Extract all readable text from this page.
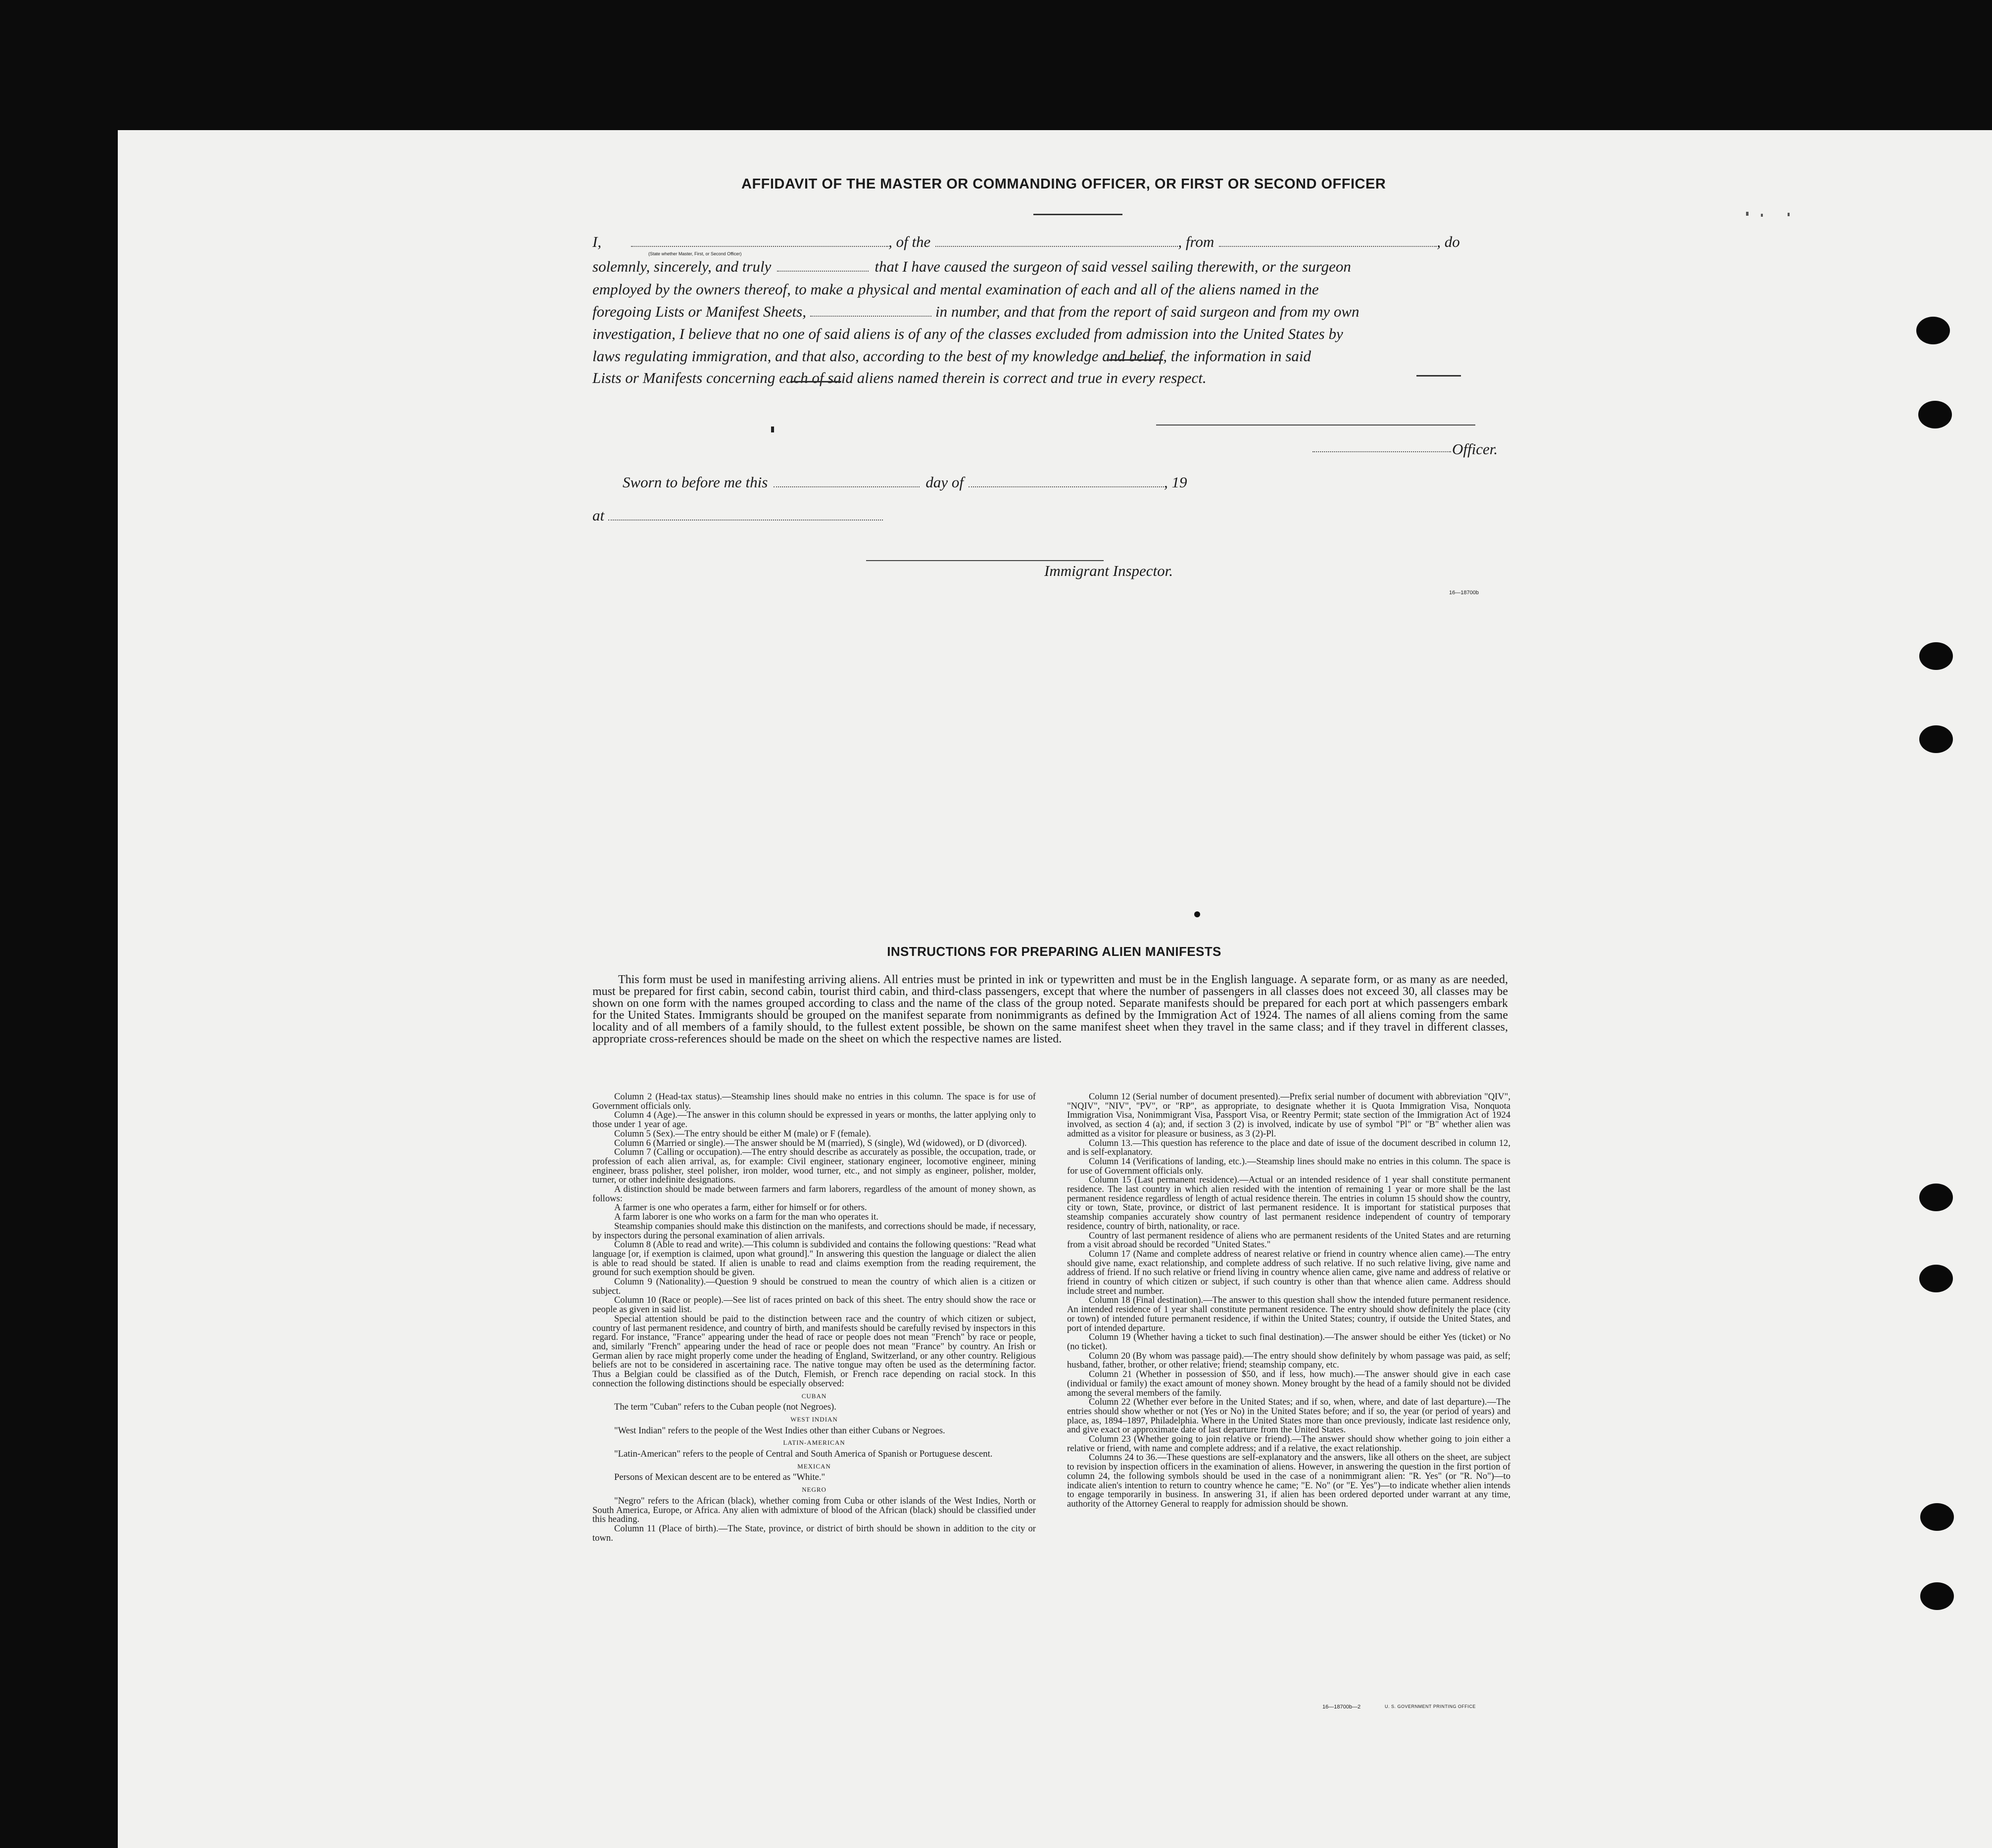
AFFIDAVIT OF THE MASTER OR COMMANDING OFFICER, OR FIRST OR SECOND OFFICER
I,	, of the	, from	, do
(State whether Master, First, or Second Officer)
solemnly, sincerely, and truly	that I have caused the surgeon of said vessel sailing therewith, or the surgeon
employed by the owners thereof, to make a physical and mental examination of each and all of the aliens named in the
foregoing Lists or Manifest Sheets,	in number, and that from the report of said surgeon and from my own
investigation, I believe that no one of said aliens is of any of the classes excluded from admission into the United States by
laws regulating immigration, and that also, according to the best of my knowledge and belief, the information in said
Lists or Manifests concerning each of said aliens named therein is correct and true in every respect.
Officer.
Sworn to before me this	day of	, 19
at
Immigrant Inspector.
16—18700b
INSTRUCTIONS FOR PREPARING ALIEN MANIFESTS

This form must be used in manifesting arriving aliens. All entries must be printed in ink or typewritten and must be in the English language. A separate form, or as many as are needed, must be prepared for first cabin, second cabin, tourist third cabin, and third-class passengers, except that where the number of passengers in all classes does not exceed 30, all classes may be shown on one form with the names grouped according to class and the name of the class of the group noted. Separate manifests should be prepared for each port at which passengers embark for the United States. Immigrants should be grouped on the manifest separate from nonimmigrants as defined by the Immigration Act of 1924. The names of all aliens coming from the same locality and of all members of a family should, to the fullest extent possible, be shown on the same manifest sheet when they travel in the same class; and if they travel in different classes, appropriate cross-references should be made on the sheet on which the respective names are listed.

Column 2 (Head-tax status).—Steamship lines should make no entries in this column. The space is for use of Government officials only.

Column 4 (Age).—The answer in this column should be expressed in years or months, the latter applying only to those under 1 year of age.

Column 5 (Sex).—The entry should be either M (male) or F (female).

Column 6 (Married or single).—The answer should be M (married), S (single), Wd (widowed), or D (divorced).

Column 7 (Calling or occupation).—The entry should describe as accurately as possible, the occupation, trade, or profession of each alien arrival, as, for example: Civil engineer, stationary engineer, locomotive engineer, mining engineer, brass polisher, steel polisher, iron molder, wood turner, etc., and not simply as engineer, polisher, molder, turner, or other indefinite designations.

A distinction should be made between farmers and farm laborers, regardless of the amount of money shown, as follows:

A farmer is one who operates a farm, either for himself or for others.

A farm laborer is one who works on a farm for the man who operates it.

Steamship companies should make this distinction on the manifests, and corrections should be made, if necessary, by inspectors during the personal examination of alien arrivals.

Column 8 (Able to read and write).—This column is subdivided and contains the following questions: "Read what language [or, if exemption is claimed, upon what ground]." In answering this question the language or dialect the alien is able to read should be stated. If alien is unable to read and claims exemption from the reading requirement, the ground for such exemption should be given.

Column 9 (Nationality).—Question 9 should be construed to mean the country of which alien is a citizen or subject.

Column 10 (Race or people).—See list of races printed on back of this sheet. The entry should show the race or people as given in said list.

Special attention should be paid to the distinction between race and the country of which citizen or subject, country of last permanent residence, and country of birth, and manifests should be carefully revised by inspectors in this regard. For instance, "France" appearing under the head of race or people does not mean "French" by race or people, and, similarly "French" appearing under the head of race or people does not mean "France" by country. An Irish or German alien by race might properly come under the heading of England, Switzerland, or any other country. Religious beliefs are not to be considered in ascertaining race. The native tongue may often be used as the determining factor. Thus a Belgian could be classified as of the Dutch, Flemish, or French race depending on racial stock. In this connection the following distinctions should be especially observed:

CUBAN

The term "Cuban" refers to the Cuban people (not Negroes).

WEST INDIAN

"West Indian" refers to the people of the West Indies other than either Cubans or Negroes.

LATIN-AMERICAN

"Latin-American" refers to the people of Central and South America of Spanish or Portuguese descent.

MEXICAN

Persons of Mexican descent are to be entered as "White."

NEGRO

"Negro" refers to the African (black), whether coming from Cuba or other islands of the West Indies, North or South America, Europe, or Africa. Any alien with admixture of blood of the African (black) should be classified under this heading.

Column 11 (Place of birth).—The State, province, or district of birth should be shown in addition to the city or town.

Column 12 (Serial number of document presented).—Prefix serial number of document with abbreviation "QIV", "NQIV", "NIV", "PV", or "RP", as appropriate, to designate whether it is Quota Immigration Visa, Nonquota Immigration Visa, Nonimmigrant Visa, Passport Visa, or Reentry Permit; state section of the Immigration Act of 1924 involved, as section 4 (a); and, if section 3 (2) is involved, indicate by use of symbol "Pl" or "B" whether alien was admitted as a visitor for pleasure or business, as 3 (2)-Pl.

Column 13.—This question has reference to the place and date of issue of the document described in column 12, and is self-explanatory.

Column 14 (Verifications of landing, etc.).—Steamship lines should make no entries in this column. The space is for use of Government officials only.

Column 15 (Last permanent residence).—Actual or an intended residence of 1 year shall constitute permanent residence. The last country in which alien resided with the intention of remaining 1 year or more shall be the last permanent residence regardless of length of actual residence therein. The entries in column 15 should show the country, city or town, State, province, or district of last permanent residence. It is important for statistical purposes that steamship companies accurately show country of last permanent residence independent of country of temporary residence, country of birth, nationality, or race.

Country of last permanent residence of aliens who are permanent residents of the United States and are returning from a visit abroad should be recorded "United States."

Column 17 (Name and complete address of nearest relative or friend in country whence alien came).—The entry should give name, exact relationship, and complete address of such relative. If no such relative living, give name and address of friend. If no such relative or friend living in country whence alien came, give name and address of relative or friend in country of which citizen or subject, if such country is other than that whence alien came. Address should include street and number.

Column 18 (Final destination).—The answer to this question shall show the intended future permanent residence. An intended residence of 1 year shall constitute permanent residence. The entry should show definitely the place (city or town) of intended future permanent residence, if within the United States; country, if outside the United States, and port of intended departure.

Column 19 (Whether having a ticket to such final destination).—The answer should be either Yes (ticket) or No (no ticket).

Column 20 (By whom was passage paid).—The entry should show definitely by whom passage was paid, as self; husband, father, brother, or other relative; friend; steamship company, etc.

Column 21 (Whether in possession of $50, and if less, how much).—The answer should give in each case (individual or family) the exact amount of money shown. Money brought by the head of a family should not be divided among the several members of the family.

Column 22 (Whether ever before in the United States; and if so, when, where, and date of last departure).—The entries should show whether or not (Yes or No) in the United States before; and if so, the year (or period of years) and place, as, 1894–1897, Philadelphia. Where in the United States more than once previously, indicate last residence only, and give exact or approximate date of last departure from the United States.

Column 23 (Whether going to join relative or friend).—The answer should show whether going to join either a relative or friend, with name and complete address; and if a relative, the exact relationship.

Columns 24 to 36.—These questions are self-explanatory and the answers, like all others on the sheet, are subject to revision by inspection officers in the examination of aliens. However, in answering the question in the first portion of column 24, the following symbols should be used in the case of a nonimmigrant alien: "R. Yes" (or "R. No")—to indicate alien's intention to return to country whence he came; "E. No" (or "E. Yes")—to indicate whether alien intends to engage temporarily in business. In answering 31, if alien has been ordered deported under warrant at any time, authority of the Attorney General to reapply for admission should be shown.

16—18700b—2	U. S. GOVERNMENT PRINTING OFFICE
